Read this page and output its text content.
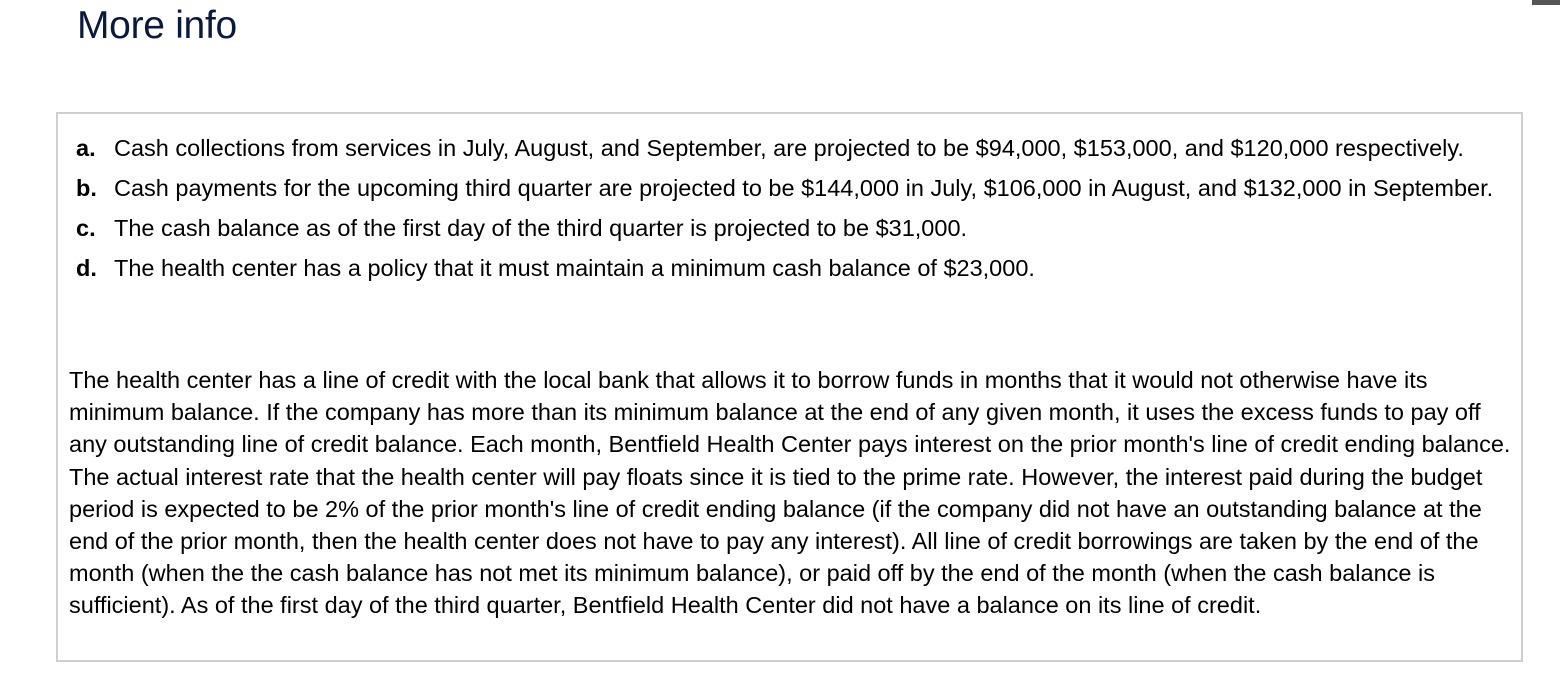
More info
a. Cash collections from services in July, August, and September, are projected to be $94,000, $153,000, and $120,000 respectively.
b. Cash payments for the upcoming third quarter are projected to be $144,000 in July, $106,000 in August, and $132,000 in September.
c. The cash balance as of the first day of the third quarter is projected to be $31,000.
d. The health center has a policy that it must maintain a minimum cash balance of $23,000.

The health center has a line of credit with the local bank that allows it to borrow funds in months that it would not otherwise have its minimum balance. If the company has more than its minimum balance at the end of any given month, it uses the excess funds to pay off any outstanding line of credit balance. Each month, Bentfield Health Center pays interest on the prior month's line of credit ending balance. The actual interest rate that the health center will pay floats since it is tied to the prime rate. However, the interest paid during the budget period is expected to be 2% of the prior month's line of credit ending balance (if the company did not have an outstanding balance at the end of the prior month, then the health center does not have to pay any interest). All line of credit borrowings are taken by the end of the month (when the the cash balance has not met its minimum balance), or paid off by the end of the month (when the cash balance is sufficient). As of the first day of the third quarter, Bentfield Health Center did not have a balance on its line of credit.
